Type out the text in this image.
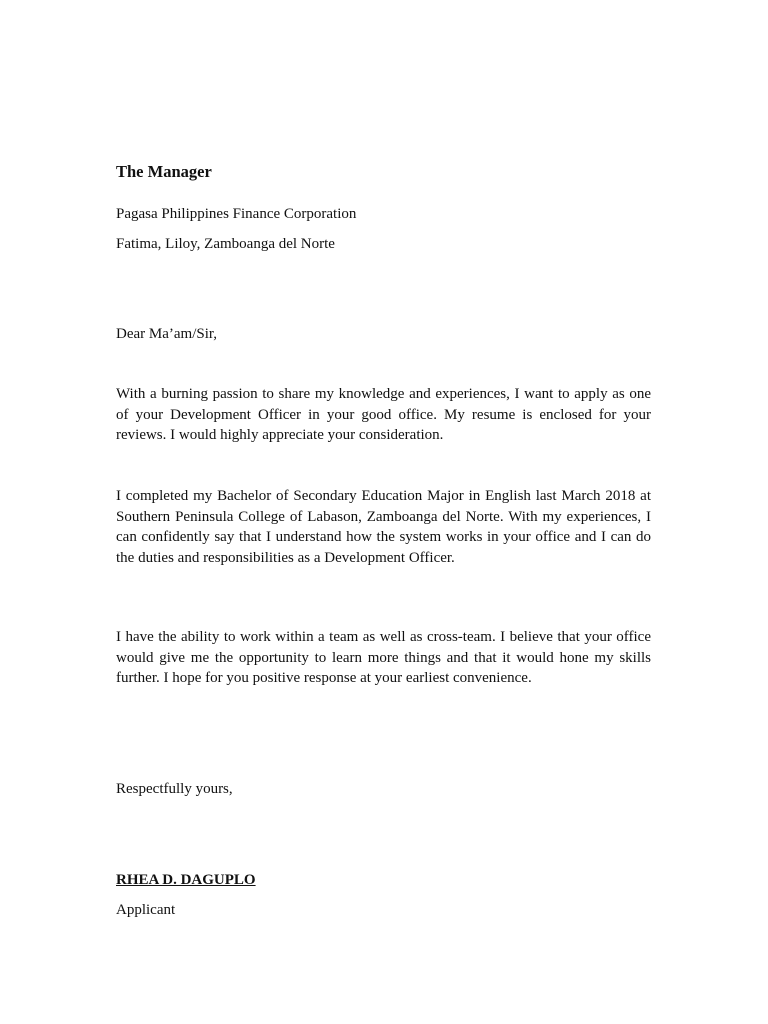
The Manager

Pagasa Philippines Finance Corporation

Fatima, Liloy, Zamboanga del Norte

Dear Ma’am/Sir,

With a burning passion to share my knowledge and experiences, I want to apply as one of your Development Officer in your good office. My resume is enclosed for your reviews. I would highly appreciate your consideration.

I completed my Bachelor of Secondary Education Major in English last March 2018 at Southern Peninsula College of Labason, Zamboanga del Norte. With my experiences, I can confidently say that I understand how the system works in your office and I can do the duties and responsibilities as a Development Officer.

I have the ability to work within a team as well as cross-team. I believe that your office would give me the opportunity to learn more things and that it would hone my skills further. I hope for you positive response at your earliest convenience.

Respectfully yours,

RHEA D. DAGUPLO

Applicant
